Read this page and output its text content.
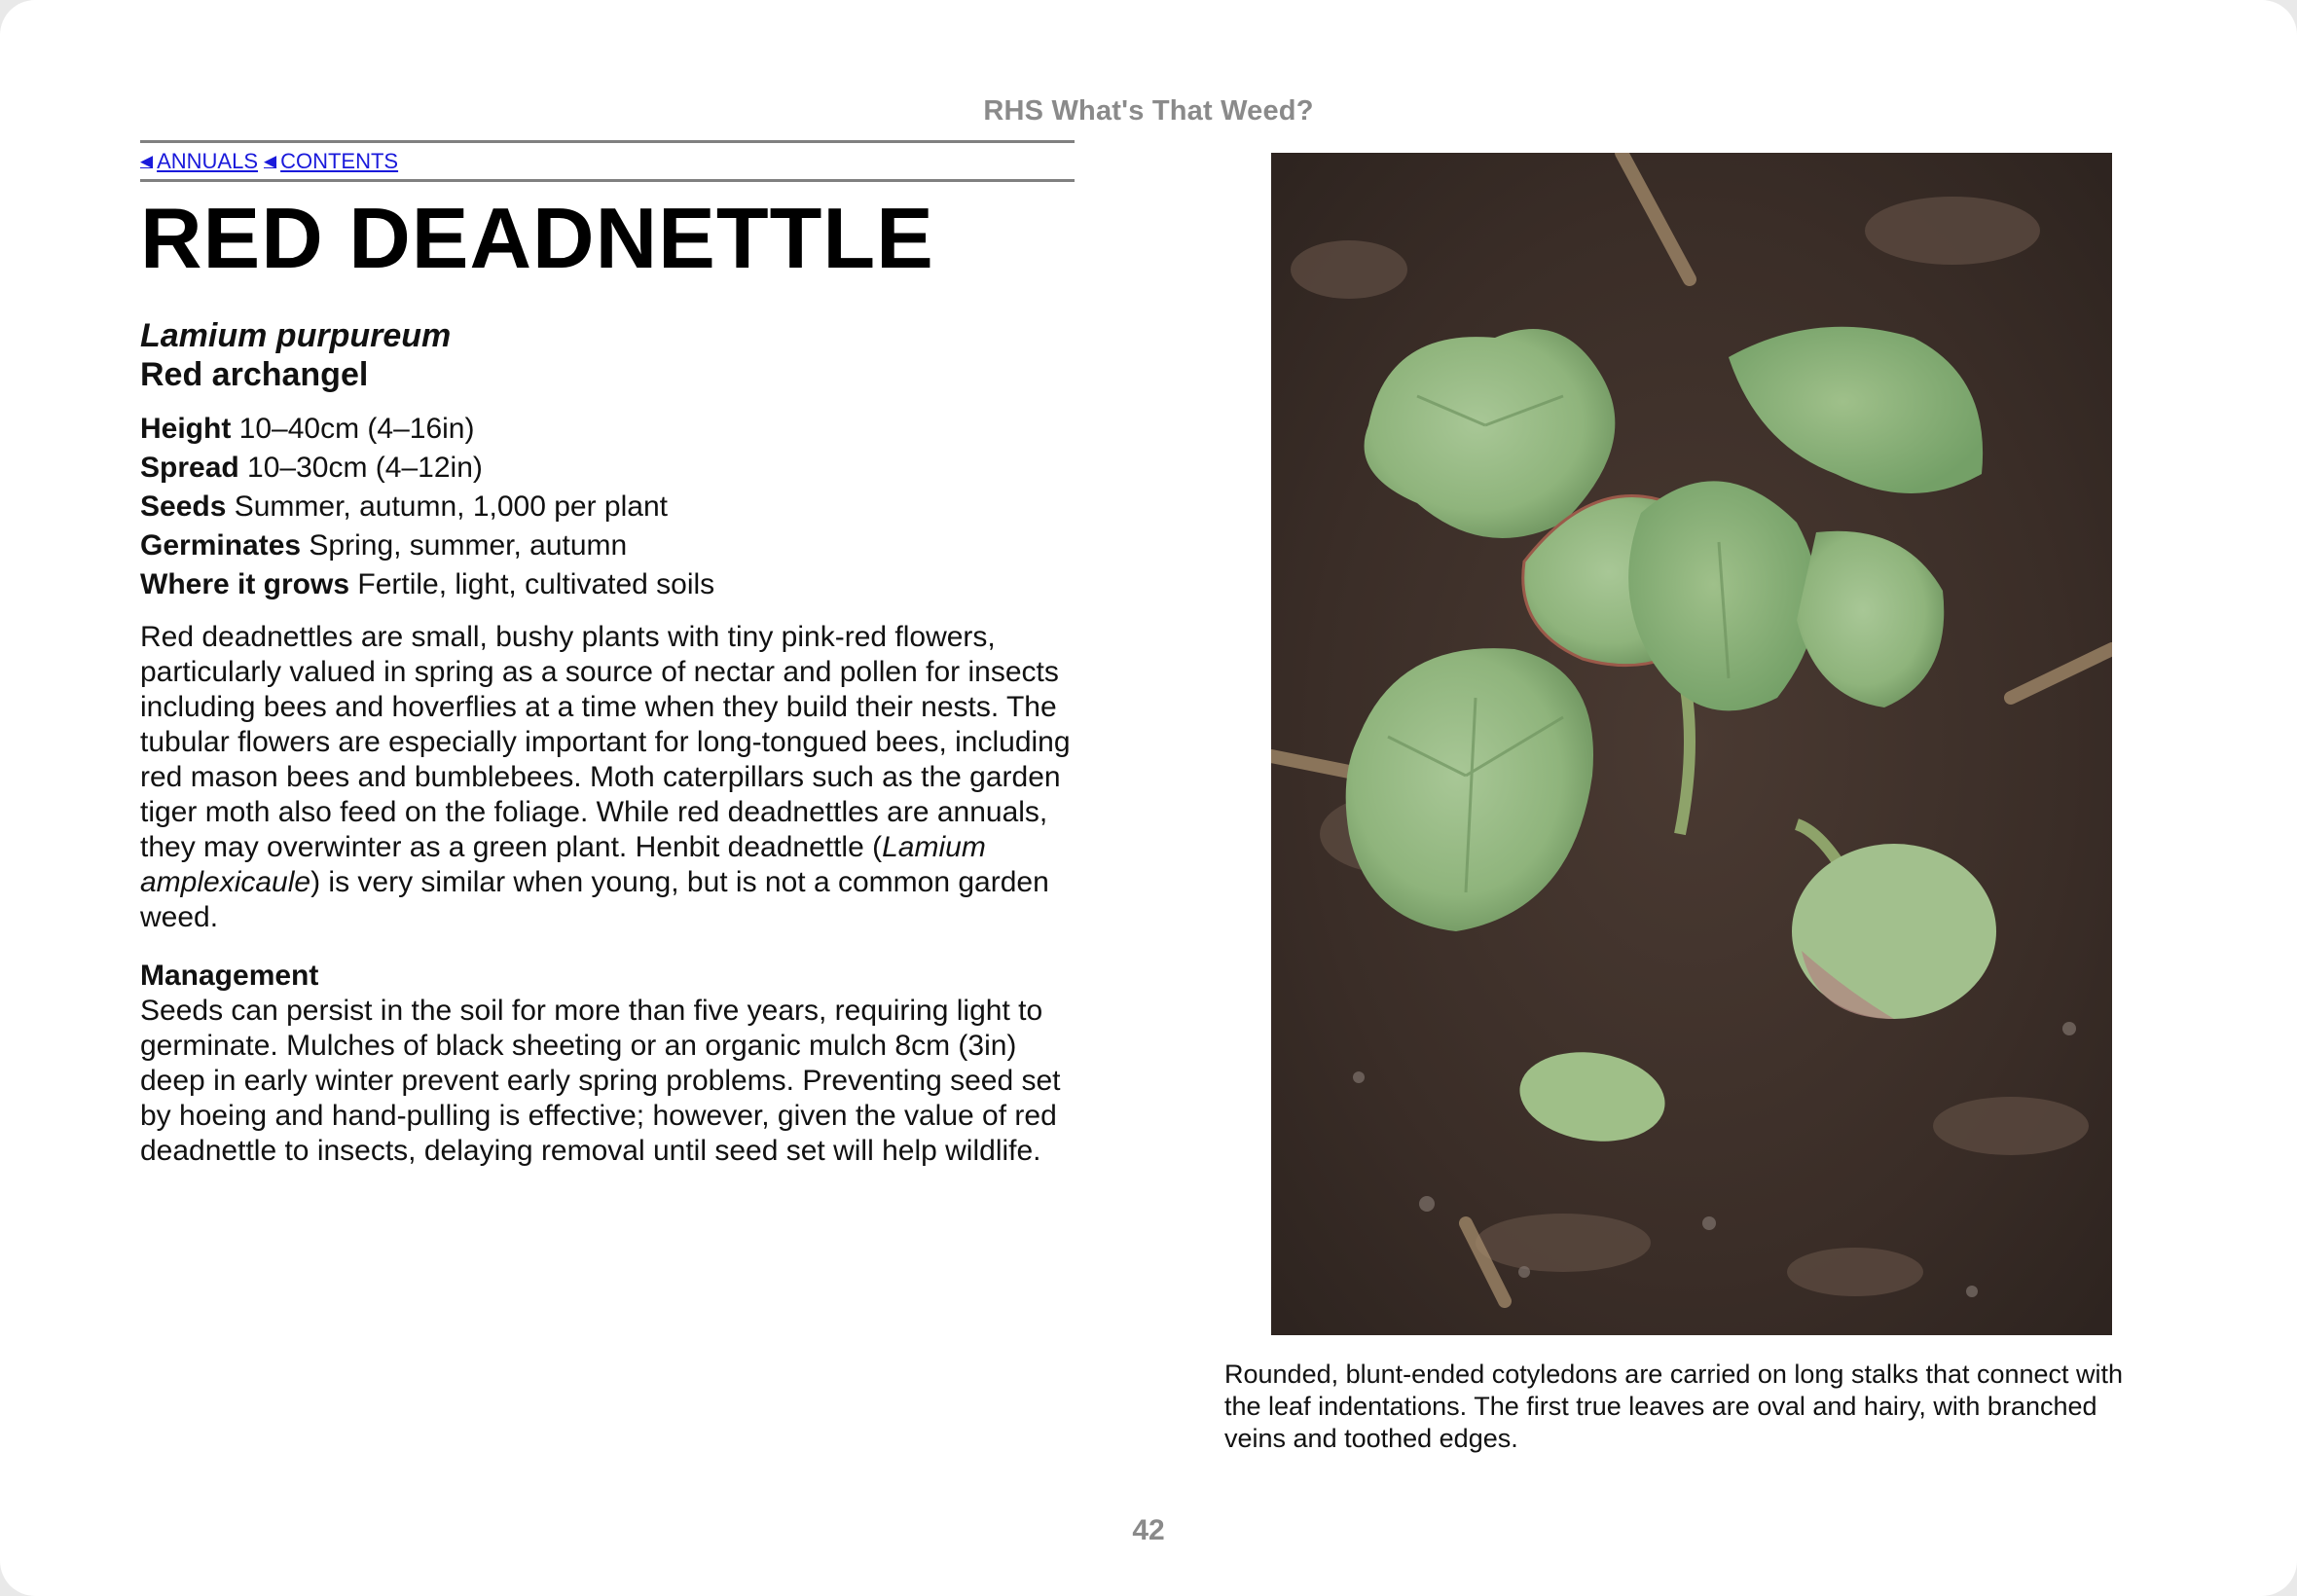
RHS What's That Weed?
◀ ANNUALS ◀ CONTENTS
RED DEADNETTLE
Lamium purpureum
Red archangel
Height 10–40cm (4–16in)
Spread 10–30cm (4–12in)
Seeds Summer, autumn, 1,000 per plant
Germinates Spring, summer, autumn
Where it grows Fertile, light, cultivated soils
Red deadnettles are small, bushy plants with tiny pink-red flowers, particularly valued in spring as a source of nectar and pollen for insects including bees and hoverflies at a time when they build their nests. The tubular flowers are especially important for long-tongued bees, including red mason bees and bumblebees. Moth caterpillars such as the garden tiger moth also feed on the foliage. While red deadnettles are annuals, they may overwinter as a green plant. Henbit deadnettle (Lamium amplexicaule) is very similar when young, but is not a common garden weed.
Management
Seeds can persist in the soil for more than five years, requiring light to germinate. Mulches of black sheeting or an organic mulch 8cm (3in) deep in early winter prevent early spring problems. Preventing seed set by hoeing and hand-pulling is effective; however, given the value of red deadnettle to insects, delaying removal until seed set will help wildlife.
Rounded, blunt-ended cotyledons are carried on long stalks that connect with the leaf indentations. The first true leaves are oval and hairy, with branched veins and toothed edges.
42
